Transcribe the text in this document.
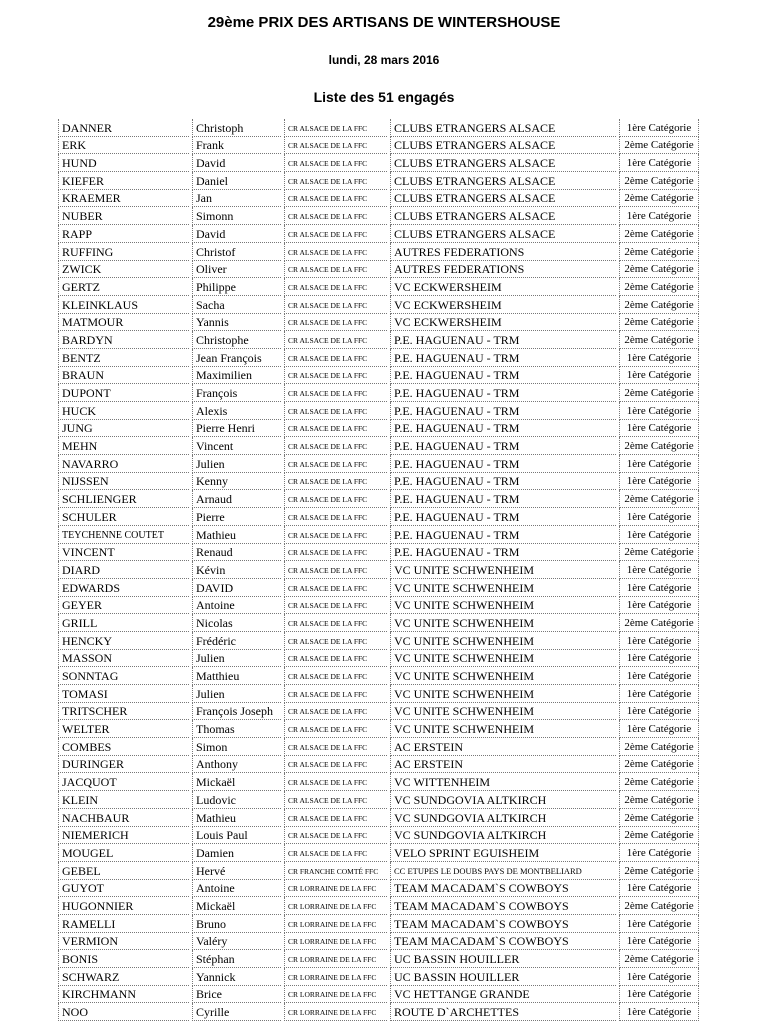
29ème PRIX DES ARTISANS DE WINTERSHOUSE
lundi, 28 mars 2016
Liste des 51 engagés
DANNER		Christoph		CR ALSACE DE LA FFC		CLUBS ETRANGERS ALSACE		1ère Catégorie
ERK		Frank		CR ALSACE DE LA FFC		CLUBS ETRANGERS ALSACE		2ème Catégorie
HUND		David		CR ALSACE DE LA FFC		CLUBS ETRANGERS ALSACE		1ère Catégorie
KIEFER		Daniel		CR ALSACE DE LA FFC		CLUBS ETRANGERS ALSACE		2ème Catégorie
KRAEMER		Jan		CR ALSACE DE LA FFC		CLUBS ETRANGERS ALSACE		2ème Catégorie
NUBER		Simonn		CR ALSACE DE LA FFC		CLUBS ETRANGERS ALSACE		1ère Catégorie
RAPP		David		CR ALSACE DE LA FFC		CLUBS ETRANGERS ALSACE		2ème Catégorie
RUFFING		Christof		CR ALSACE DE LA FFC		AUTRES FEDERATIONS		2ème Catégorie
ZWICK		Oliver		CR ALSACE DE LA FFC		AUTRES FEDERATIONS		2ème Catégorie
GERTZ		Philippe		CR ALSACE DE LA FFC		VC ECKWERSHEIM		2ème Catégorie
KLEINKLAUS		Sacha		CR ALSACE DE LA FFC		VC ECKWERSHEIM		2ème Catégorie
MATMOUR		Yannis		CR ALSACE DE LA FFC		VC ECKWERSHEIM		2ème Catégorie
BARDYN		Christophe		CR ALSACE DE LA FFC		P.E. HAGUENAU - TRM		2ème Catégorie
BENTZ		Jean François		CR ALSACE DE LA FFC		P.E. HAGUENAU - TRM		1ère Catégorie
BRAUN		Maximilien		CR ALSACE DE LA FFC		P.E. HAGUENAU - TRM		1ère Catégorie
DUPONT		François		CR ALSACE DE LA FFC		P.E. HAGUENAU - TRM		2ème Catégorie
HUCK		Alexis		CR ALSACE DE LA FFC		P.E. HAGUENAU - TRM		1ère Catégorie
JUNG		Pierre Henri		CR ALSACE DE LA FFC		P.E. HAGUENAU - TRM		1ère Catégorie
MEHN		Vincent		CR ALSACE DE LA FFC		P.E. HAGUENAU - TRM		2ème Catégorie
NAVARRO		Julien		CR ALSACE DE LA FFC		P.E. HAGUENAU - TRM		1ère Catégorie
NIJSSEN		Kenny		CR ALSACE DE LA FFC		P.E. HAGUENAU - TRM		1ère Catégorie
SCHLIENGER		Arnaud		CR ALSACE DE LA FFC		P.E. HAGUENAU - TRM		2ème Catégorie
SCHULER		Pierre		CR ALSACE DE LA FFC		P.E. HAGUENAU - TRM		1ère Catégorie
TEYCHENNE COUTET		Mathieu		CR ALSACE DE LA FFC		P.E. HAGUENAU - TRM		1ère Catégorie
VINCENT		Renaud		CR ALSACE DE LA FFC		P.E. HAGUENAU - TRM		2ème Catégorie
DIARD		Kévin		CR ALSACE DE LA FFC		VC UNITE SCHWENHEIM		1ère Catégorie
EDWARDS		DAVID		CR ALSACE DE LA FFC		VC UNITE SCHWENHEIM		1ère Catégorie
GEYER		Antoine		CR ALSACE DE LA FFC		VC UNITE SCHWENHEIM		1ère Catégorie
GRILL		Nicolas		CR ALSACE DE LA FFC		VC UNITE SCHWENHEIM		2ème Catégorie
HENCKY		Frédéric		CR ALSACE DE LA FFC		VC UNITE SCHWENHEIM		1ère Catégorie
MASSON		Julien		CR ALSACE DE LA FFC		VC UNITE SCHWENHEIM		1ère Catégorie
SONNTAG		Matthieu		CR ALSACE DE LA FFC		VC UNITE SCHWENHEIM		1ère Catégorie
TOMASI		Julien		CR ALSACE DE LA FFC		VC UNITE SCHWENHEIM		1ère Catégorie
TRITSCHER		François Joseph		CR ALSACE DE LA FFC		VC UNITE SCHWENHEIM		1ère Catégorie
WELTER		Thomas		CR ALSACE DE LA FFC		VC UNITE SCHWENHEIM		1ère Catégorie
COMBES		Simon		CR ALSACE DE LA FFC		AC ERSTEIN		2ème Catégorie
DURINGER		Anthony		CR ALSACE DE LA FFC		AC ERSTEIN		2ème Catégorie
JACQUOT		Mickaël		CR ALSACE DE LA FFC		VC WITTENHEIM		2ème Catégorie
KLEIN		Ludovic		CR ALSACE DE LA FFC		VC SUNDGOVIA ALTKIRCH		2ème Catégorie
NACHBAUR		Mathieu		CR ALSACE DE LA FFC		VC SUNDGOVIA ALTKIRCH		2ème Catégorie
NIEMERICH		Louis Paul		CR ALSACE DE LA FFC		VC SUNDGOVIA ALTKIRCH		2ème Catégorie
MOUGEL		Damien		CR ALSACE DE LA FFC		VELO SPRINT EGUISHEIM		1ère Catégorie
GEBEL		Hervé		CR FRANCHE COMTÉ FFC		CC ETUPES LE DOUBS PAYS DE MONTBELIARD		2ème Catégorie
GUYOT		Antoine		CR LORRAINE DE LA FFC		TEAM MACADAM`S COWBOYS		1ère Catégorie
HUGONNIER		Mickaël		CR LORRAINE DE LA FFC		TEAM MACADAM`S COWBOYS		2ème Catégorie
RAMELLI		Bruno		CR LORRAINE DE LA FFC		TEAM MACADAM`S COWBOYS		1ère Catégorie
VERMION		Valéry		CR LORRAINE DE LA FFC		TEAM MACADAM`S COWBOYS		1ère Catégorie
BONIS		Stéphan		CR LORRAINE DE LA FFC		UC BASSIN HOUILLER		2ème Catégorie
SCHWARZ		Yannick		CR LORRAINE DE LA FFC		UC BASSIN HOUILLER		1ère Catégorie
KIRCHMANN		Brice		CR LORRAINE DE LA FFC		VC HETTANGE GRANDE		1ère Catégorie
NOO		Cyrille		CR LORRAINE DE LA FFC		ROUTE D`ARCHETTES		1ère Catégorie
